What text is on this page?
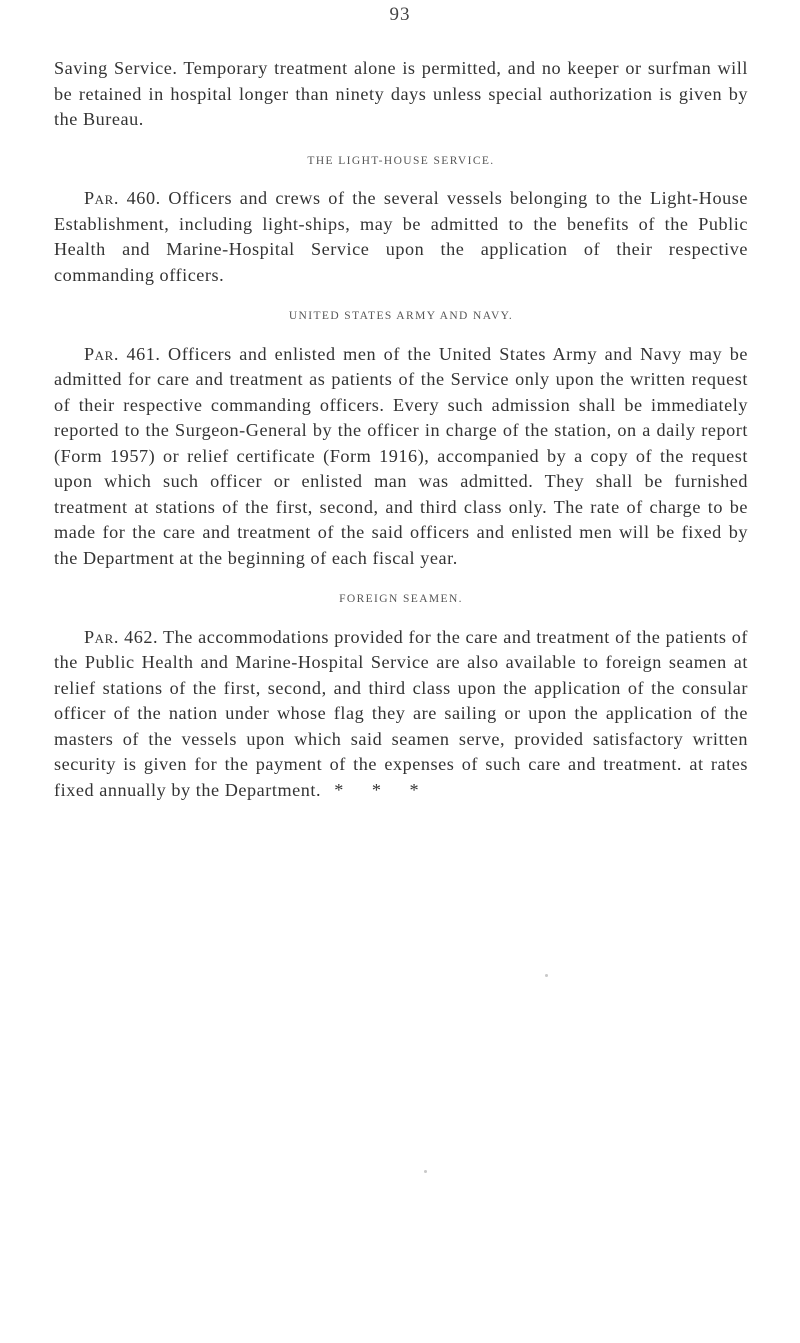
93

Saving Service. Temporary treatment alone is permitted, and no keeper or surfman will be retained in hospital longer than ninety days unless special authorization is given by the Bureau.

THE LIGHT-HOUSE SERVICE.

Par. 460. Officers and crews of the several vessels belonging to the Light-House Establishment, including light-ships, may be admitted to the benefits of the Public Health and Marine-Hospital Service upon the application of their respective commanding officers.

UNITED STATES ARMY AND NAVY.

Par. 461. Officers and enlisted men of the United States Army and Navy may be admitted for care and treatment as patients of the Service only upon the written request of their respective commanding officers. Every such admission shall be immediately reported to the Surgeon-General by the officer in charge of the station, on a daily report (Form 1957) or relief certificate (Form 1916), accompanied by a copy of the request upon which such officer or enlisted man was admitted. They shall be furnished treatment at stations of the first, second, and third class only. The rate of charge to be made for the care and treatment of the said officers and enlisted men will be fixed by the Department at the beginning of each fiscal year.

FOREIGN SEAMEN.

Par. 462. The accommodations provided for the care and treatment of the patients of the Public Health and Marine-Hospital Service are also available to foreign seamen at relief stations of the first, second, and third class upon the application of the consular officer of the nation under whose flag they are sailing or upon the application of the masters of the vessels upon which said seamen serve, provided satisfactory written security is given for the payment of the expenses of such care and treatment. at rates fixed annually by the Department. * * *
